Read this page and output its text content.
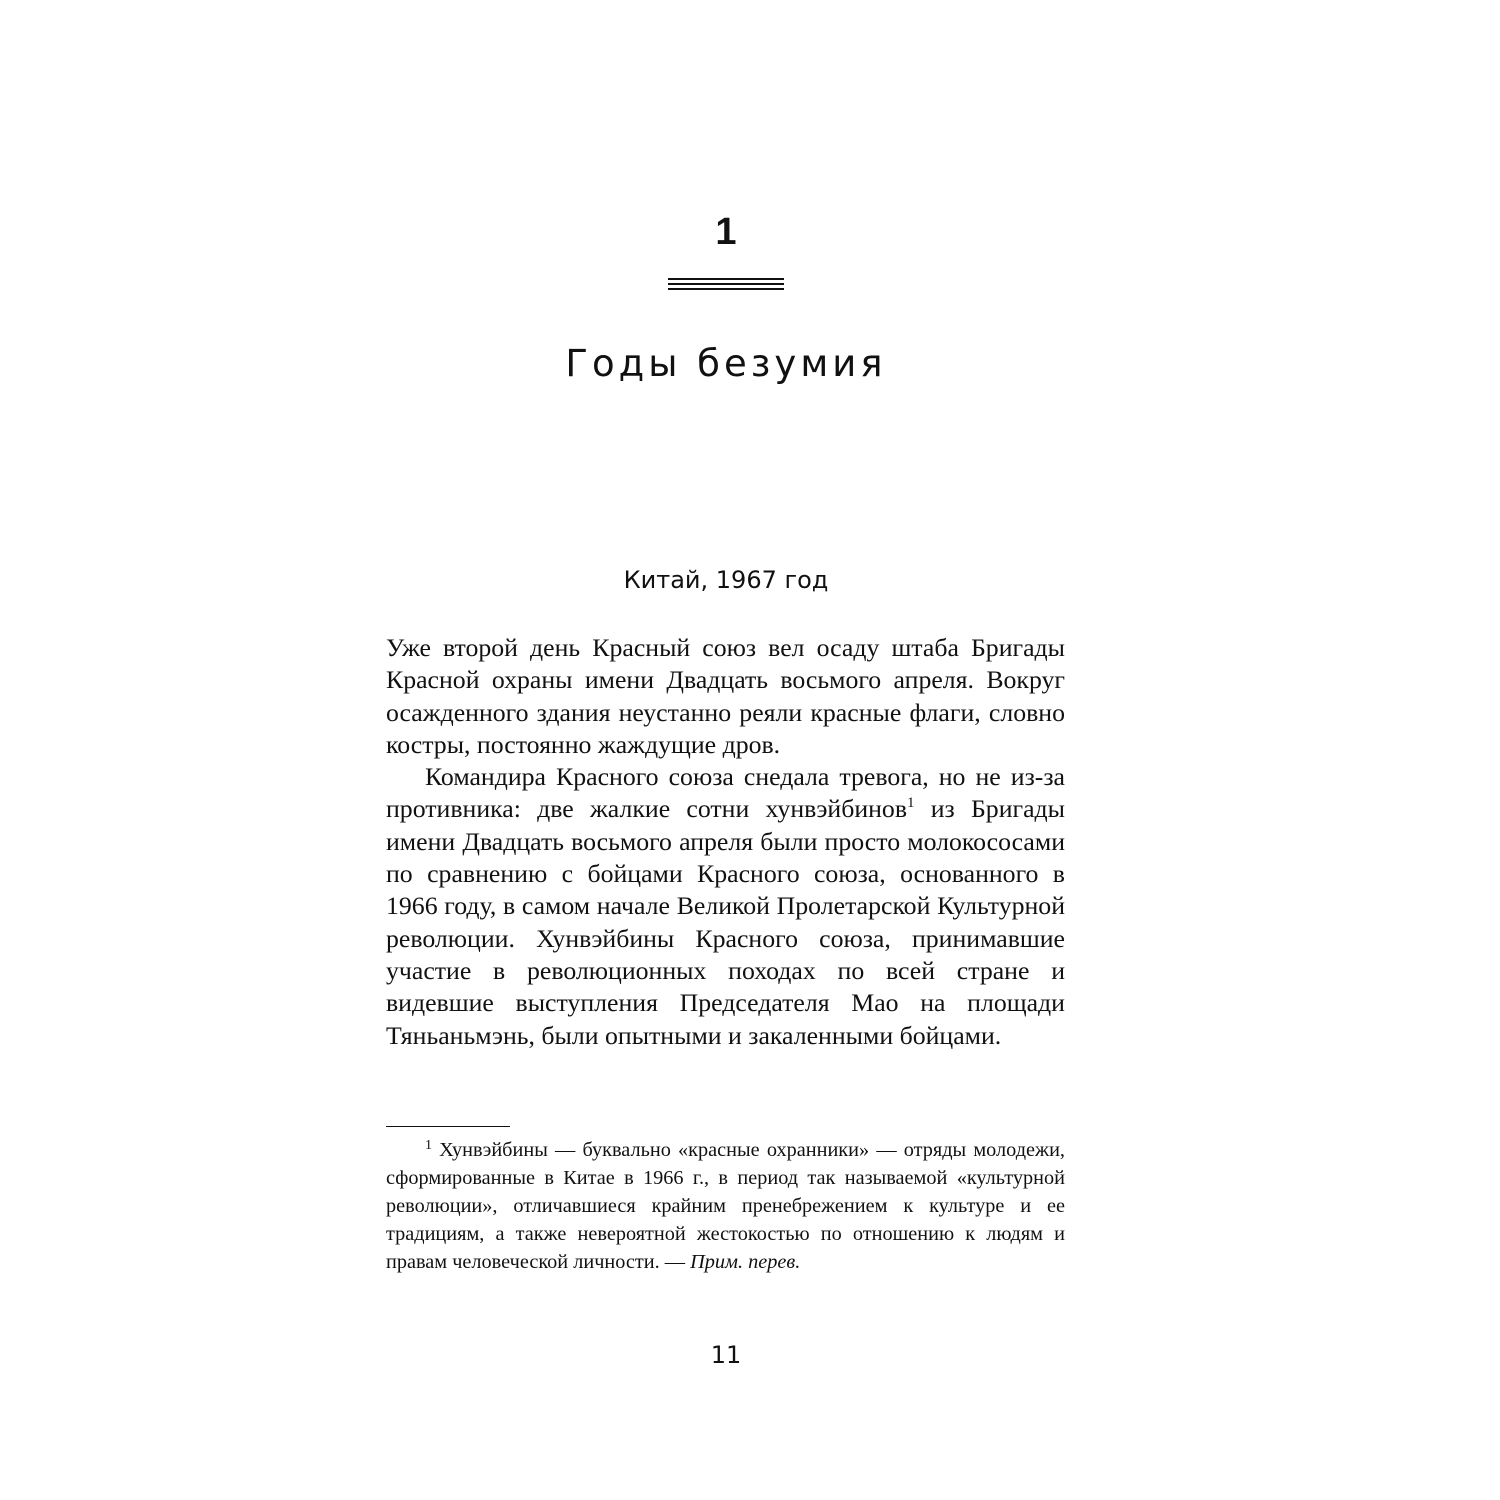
1
Годы безумия
Китай, 1967 год

Уже второй день Красный союз вел осаду штаба Бригады Красной охраны имени Двадцать восьмого апреля. Вокруг осажденного здания неустанно реяли красные флаги, словно костры, постоянно жаждущие дров.

Командира Красного союза снедала тревога, но не из-за противника: две жалкие сотни хунвэйбинов$^1$ из Бригады имени Двадцать восьмого апреля были просто молокососами по сравнению с бойцами Красного союза, основанного в 1966 году, в самом начале Великой Пролетарской Культурной революции. Хунвэйбины Красного союза, принимавшие участие в революционных походах по всей стране и видевшие выступления Председателя Мао на площади Тяньаньмэнь, были опытными и закаленными бойцами.

$^1$ Хунвэйбины — буквально «красные охранники» — отряды молодежи, сформированные в Китае в 1966 г., в период так называемой «культурной революции», отличавшиеся крайним пренебрежением к культуре и ее традициям, а также невероятной жестокостью по отношению к людям и правам человеческой личности. — Прим. перев.

11
